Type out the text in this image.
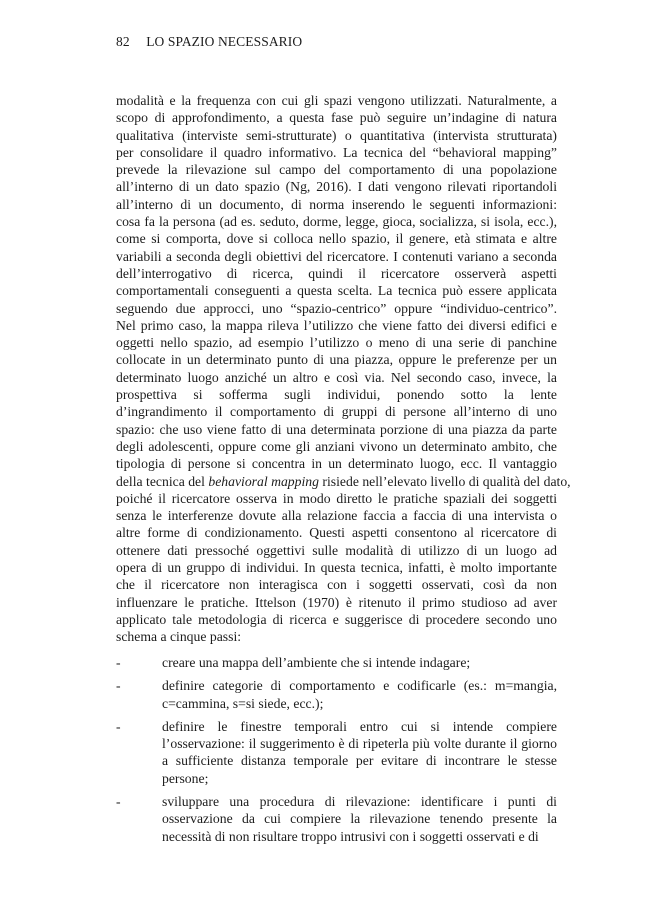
82 LO SPAZIO NECESSARIO
modalità e la frequenza con cui gli spazi vengono utilizzati. Naturalmente, a
scopo di approfondimento, a questa fase può seguire un’indagine di natura
qualitativa (interviste semi-strutturate) o quantitativa (intervista strutturata)
per consolidare il quadro informativo. La tecnica del “behavioral mapping”
prevede la rilevazione sul campo del comportamento di una popolazione
all’interno di un dato spazio (Ng, 2016). I dati vengono rilevati riportandoli
all’interno di un documento, di norma inserendo le seguenti informazioni:
cosa fa la persona (ad es. seduto, dorme, legge, gioca, socializza, si isola, ecc.),
come si comporta, dove si colloca nello spazio, il genere, età stimata e altre
variabili a seconda degli obiettivi del ricercatore. I contenuti variano a seconda
dell’interrogativo di ricerca, quindi il ricercatore osserverà aspetti
comportamentali conseguenti a questa scelta. La tecnica può essere applicata
seguendo due approcci, uno “spazio-centrico” oppure “individuo-centrico”.
Nel primo caso, la mappa rileva l’utilizzo che viene fatto dei diversi edifici e
oggetti nello spazio, ad esempio l’utilizzo o meno di una serie di panchine
collocate in un determinato punto di una piazza, oppure le preferenze per un
determinato luogo anziché un altro e così via. Nel secondo caso, invece, la
prospettiva si sofferma sugli individui, ponendo sotto la lente
d’ingrandimento il comportamento di gruppi di persone all’interno di uno
spazio: che uso viene fatto di una determinata porzione di una piazza da parte
degli adolescenti, oppure come gli anziani vivono un determinato ambito, che
tipologia di persone si concentra in un determinato luogo, ecc. Il vantaggio
della tecnica del behavioral mapping risiede nell’elevato livello di qualità del dato,
poiché il ricercatore osserva in modo diretto le pratiche spaziali dei soggetti
senza le interferenze dovute alla relazione faccia a faccia di una intervista o
altre forme di condizionamento. Questi aspetti consentono al ricercatore di
ottenere dati pressoché oggettivi sulle modalità di utilizzo di un luogo ad
opera di un gruppo di individui. In questa tecnica, infatti, è molto importante
che il ricercatore non interagisca con i soggetti osservati, così da non
influenzare le pratiche. Ittelson (1970) è ritenuto il primo studioso ad aver
applicato tale metodologia di ricerca e suggerisce di procedere secondo uno
schema a cinque passi:
-	creare una mappa dell’ambiente che si intende indagare;
-	definire categorie di comportamento e codificarle (es.: m=mangia, c=cammina, s=si siede, ecc.);
-	definire le finestre temporali entro cui si intende compiere l’osservazione: il suggerimento è di ripeterla più volte durante il giorno a sufficiente distanza temporale per evitare di incontrare le stesse persone;
-	sviluppare una procedura di rilevazione: identificare i punti di osservazione da cui compiere la rilevazione tenendo presente la necessità di non risultare troppo intrusivi con i soggetti osservati e di
